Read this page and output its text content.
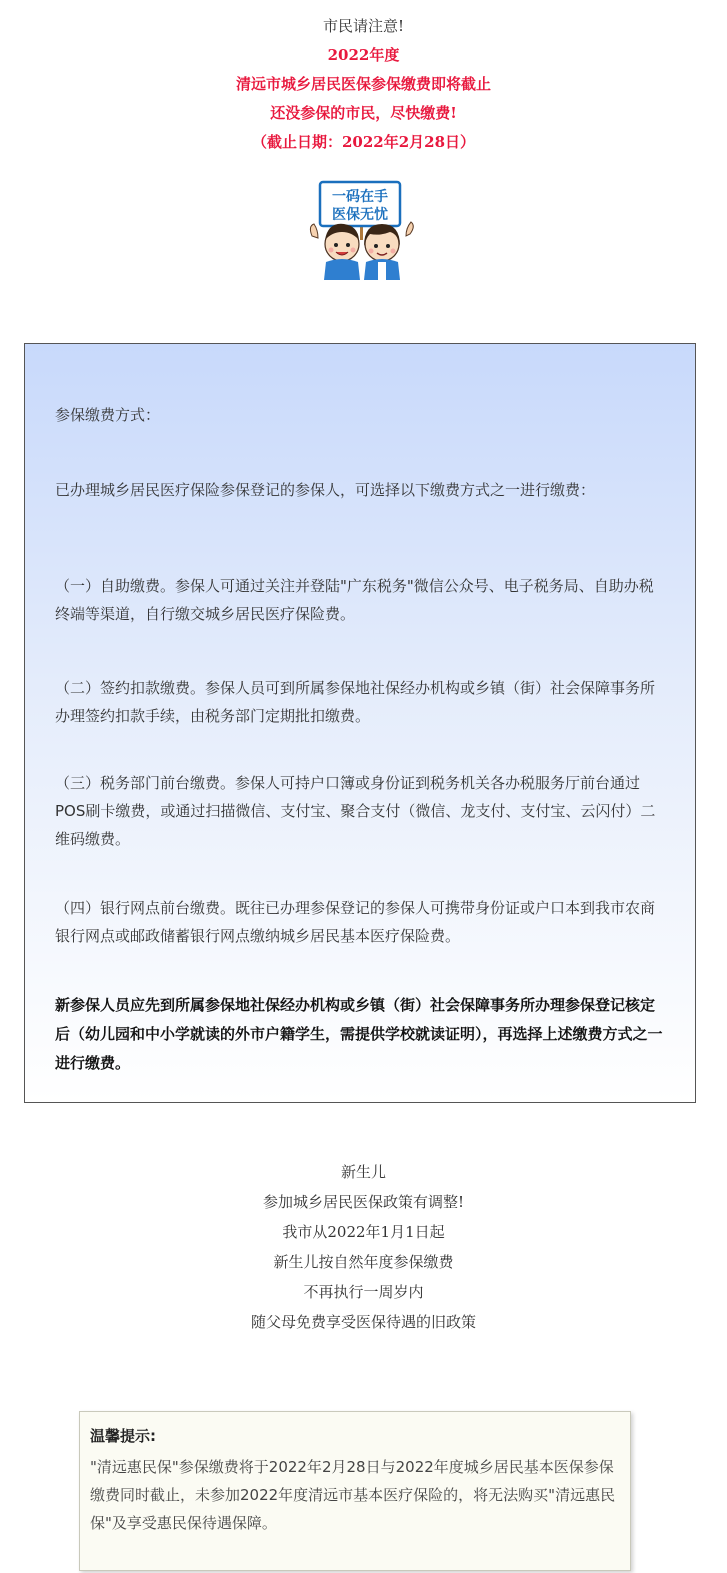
市民请注意!
2022年度
清远市城乡居民医保参保缴费即将截止
还没参保的市民，尽快缴费!
（截止日期：2022年2月28日）
一码在手
医保无忧

参保缴费方式：

已办理城乡居民医疗保险参保登记的参保人，可选择以下缴费方式之一进行缴费：

（一）自助缴费。参保人可通过关注并登陆"广东税务"微信公众号、电子税务局、自助办税终端等渠道，自行缴交城乡居民医疗保险费。

（二）签约扣款缴费。参保人员可到所属参保地社保经办机构或乡镇（街）社会保障事务所办理签约扣款手续，由税务部门定期批扣缴费。

（三）税务部门前台缴费。参保人可持户口簿或身份证到税务机关各办税服务厅前台通过POS刷卡缴费，或通过扫描微信、支付宝、聚合支付（微信、龙支付、支付宝、云闪付）二维码缴费。

（四）银行网点前台缴费。既往已办理参保登记的参保人可携带身份证或户口本到我市农商银行网点或邮政储蓄银行网点缴纳城乡居民基本医疗保险费。

新参保人员应先到所属参保地社保经办机构或乡镇（街）社会保障事务所办理参保登记核定后（幼儿园和中小学就读的外市户籍学生，需提供学校就读证明），再选择上述缴费方式之一进行缴费。

新生儿
参加城乡居民医保政策有调整!
我市从2022年1月1日起
新生儿按自然年度参保缴费
不再执行一周岁内
随父母免费享受医保待遇的旧政策
温馨提示:
"清远惠民保"参保缴费将于2022年2月28日与2022年度城乡居民基本医保参保缴费同时截止，未参加2022年度清远市基本医疗保险的，将无法购买"清远惠民保"及享受惠民保待遇保障。
